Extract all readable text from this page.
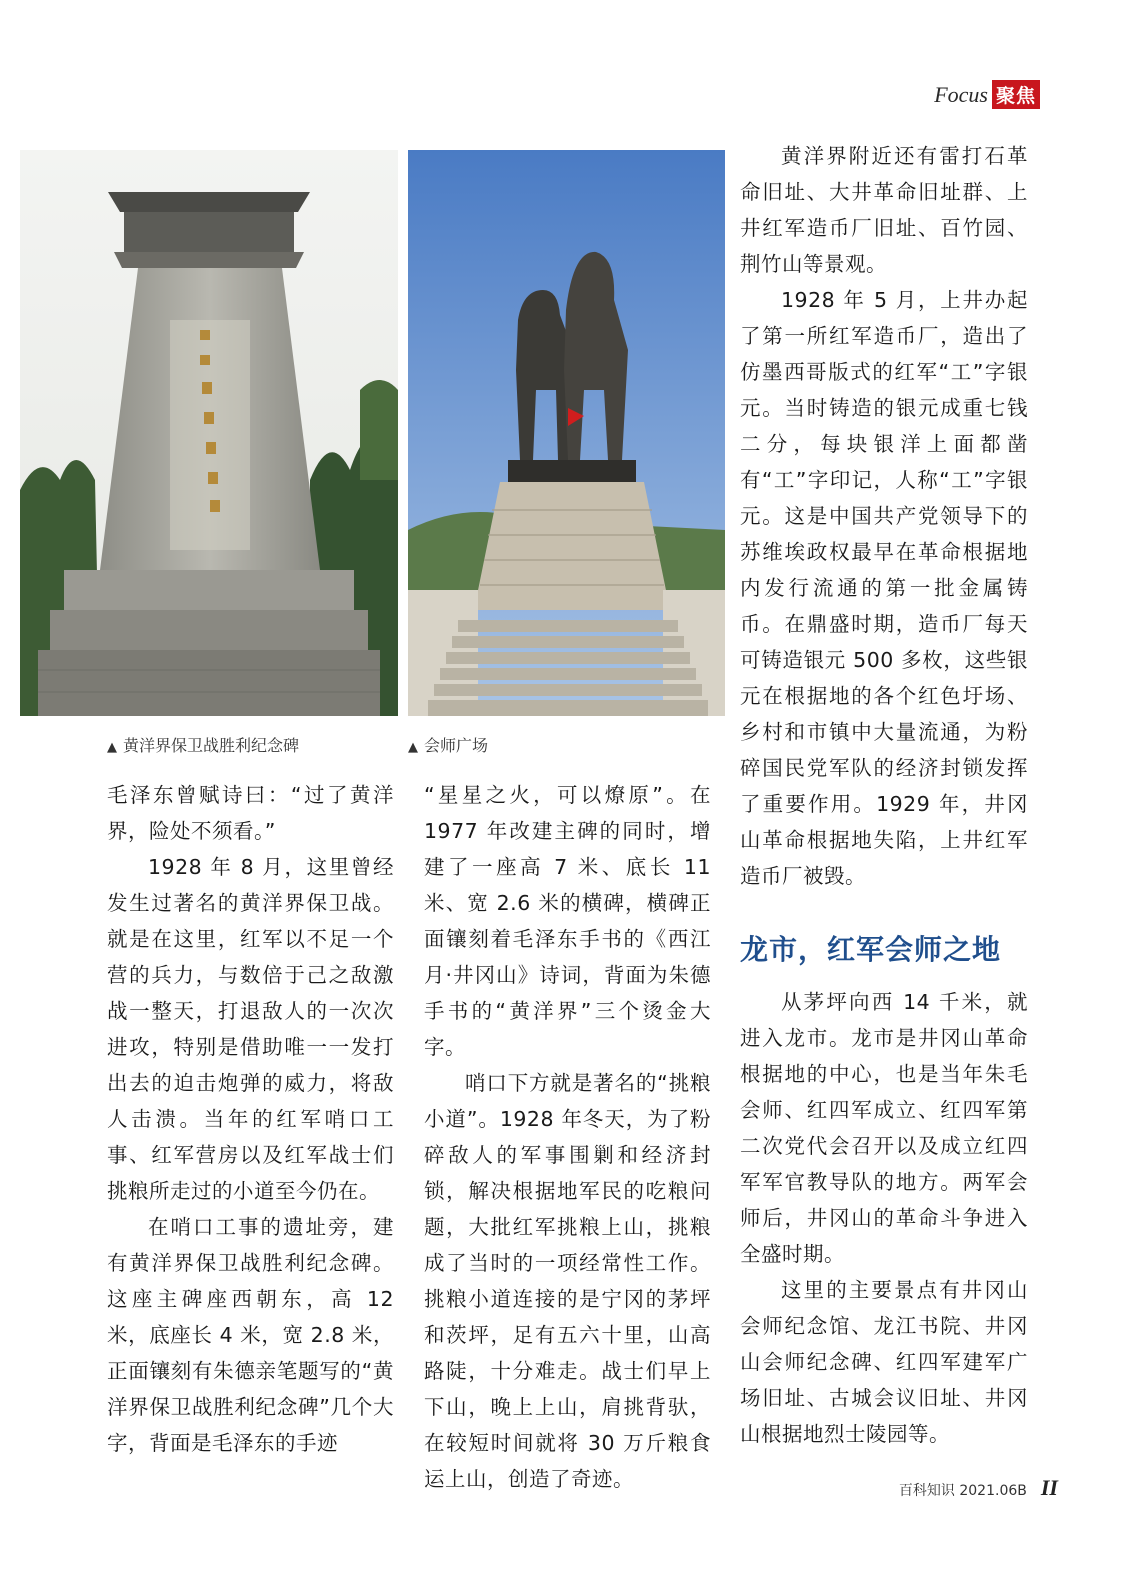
Focus 聚焦
▲ 黄洋界保卫战胜利纪念碑	▲ 会师广场

毛泽东曾赋诗曰：“过了黄洋界，险处不须看。”

1928 年 8 月，这里曾经发生过著名的黄洋界保卫战。就是在这里，红军以不足一个营的兵力，与数倍于己之敌激战一整天，打退敌人的一次次进攻，特别是借助唯一一发打出去的迫击炮弹的威力，将敌人击溃。当年的红军哨口工事、红军营房以及红军战士们挑粮所走过的小道至今仍在。

在哨口工事的遗址旁，建有黄洋界保卫战胜利纪念碑。这座主碑座西朝东，高 12 米，底座长 4 米，宽 2.8 米，正面镶刻有朱德亲笔题写的“黄洋界保卫战胜利纪念碑”几个大字，背面是毛泽东的手迹

“星星之火，可以燎原”。在 1977 年改建主碑的同时，增建了一座高 7 米、底长 11 米、宽 2.6 米的横碑，横碑正面镶刻着毛泽东手书的《西江月·井冈山》诗词，背面为朱德手书的“黄洋界”三个烫金大字。

哨口下方就是著名的“挑粮小道”。1928 年冬天，为了粉碎敌人的军事围剿和经济封锁，解决根据地军民的吃粮问题，大批红军挑粮上山，挑粮成了当时的一项经常性工作。挑粮小道连接的是宁冈的茅坪和茨坪，足有五六十里，山高路陡，十分难走。战士们早上下山，晚上上山，肩挑背驮，在较短时间就将 30 万斤粮食运上山，创造了奇迹。

黄洋界附近还有雷打石革命旧址、大井革命旧址群、上井红军造币厂旧址、百竹园、荆竹山等景观。

1928 年 5 月，上井办起了第一所红军造币厂，造出了仿墨西哥版式的红军“工”字银元。当时铸造的银元成重七钱二分，每块银洋上面都凿有“工”字印记，人称“工”字银元。这是中国共产党领导下的苏维埃政权最早在革命根据地内发行流通的第一批金属铸币。在鼎盛时期，造币厂每天可铸造银元 500 多枚，这些银元在根据地的各个红色圩场、乡村和市镇中大量流通，为粉碎国民党军队的经济封锁发挥了重要作用。1929 年，井冈山革命根据地失陷，上井红军造币厂被毁。

龙市，红军会师之地

从茅坪向西 14 千米，就进入龙市。龙市是井冈山革命根据地的中心，也是当年朱毛会师、红四军成立、红四军第二次党代会召开以及成立红四军军官教导队的地方。两军会师后，井冈山的革命斗争进入全盛时期。

这里的主要景点有井冈山会师纪念馆、龙江书院、井冈山会师纪念碑、红四军建军广场旧址、古城会议旧址、井冈山根据地烈士陵园等。

百科知识 2021.06B II
